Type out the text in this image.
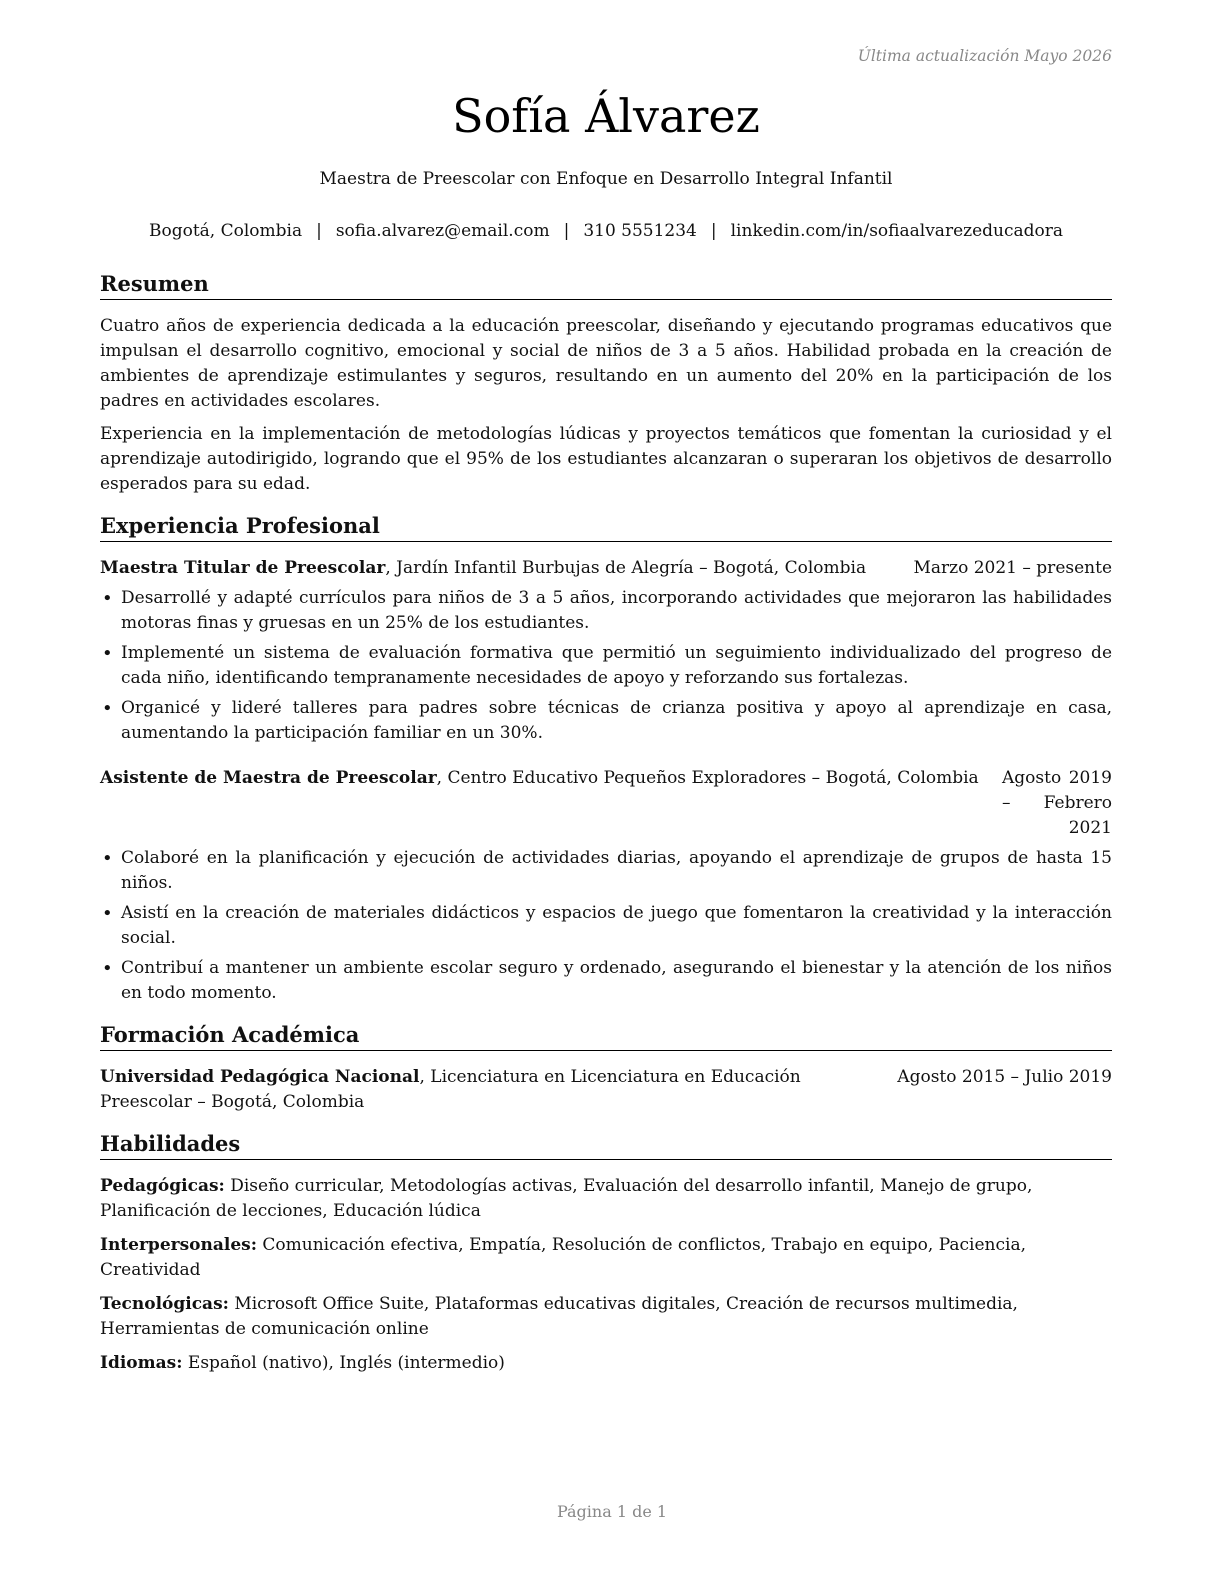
Última actualización Mayo 2026
Sofía Álvarez
Maestra de Preescolar con Enfoque en Desarrollo Integral Infantil
Bogotá, Colombia | sofia.alvarez@email.com | 310 5551234 | linkedin.com/in/sofiaalvarezeducadora
Resumen

Cuatro años de experiencia dedicada a la educación preescolar, diseñando y ejecutando programas educativos que impulsan el desarrollo cognitivo, emocional y social de niños de 3 a 5 años. Habilidad probada en la creación de ambientes de aprendizaje estimulantes y seguros, resultando en un aumento del 20% en la participación de los padres en actividades escolares.

Experiencia en la implementación de metodologías lúdicas y proyectos temáticos que fomentan la curiosidad y el aprendizaje autodirigido, logrando que el 95% de los estudiantes alcanzaran o superaran los objetivos de desarrollo esperados para su edad.

Experiencia Profesional
Maestra Titular de Preescolar, Jardín Infantil Burbujas de Alegría – Bogotá, Colombia	Marzo 2021 – presente
• Desarrollé y adapté currículos para niños de 3 a 5 años, incorporando actividades que mejoraron las habilidades motoras finas y gruesas en un 25% de los estudiantes.
• Implementé un sistema de evaluación formativa que permitió un seguimiento individualizado del progreso de cada niño, identificando tempranamente necesidades de apoyo y reforzando sus fortalezas.
• Organicé y lideré talleres para padres sobre técnicas de crianza positiva y apoyo al aprendizaje en casa, aumentando la participación familiar en un 30%.
Asistente de Maestra de Preescolar, Centro Educativo Pequeños Exploradores – Bogotá, Colombia	Agosto 2019 – Febrero 2021
• Colaboré en la planificación y ejecución de actividades diarias, apoyando el aprendizaje de grupos de hasta 15 niños.
• Asistí en la creación de materiales didácticos y espacios de juego que fomentaron la creatividad y la interacción social.
• Contribuí a mantener un ambiente escolar seguro y ordenado, asegurando el bienestar y la atención de los niños en todo momento.
Formación Académica
Universidad Pedagógica Nacional, Licenciatura en Licenciatura en Educación Preescolar – Bogotá, Colombia
Agosto 2015 – Julio 2019
Habilidades

Pedagógicas: Diseño curricular, Metodologías activas, Evaluación del desarrollo infantil, Manejo de grupo, Planificación de lecciones, Educación lúdica

Interpersonales: Comunicación efectiva, Empatía, Resolución de conflictos, Trabajo en equipo, Paciencia, Creatividad

Tecnológicas: Microsoft Office Suite, Plataformas educativas digitales, Creación de recursos multimedia, Herramientas de comunicación online

Idiomas: Español (nativo), Inglés (intermedio)

Página 1 de 1
